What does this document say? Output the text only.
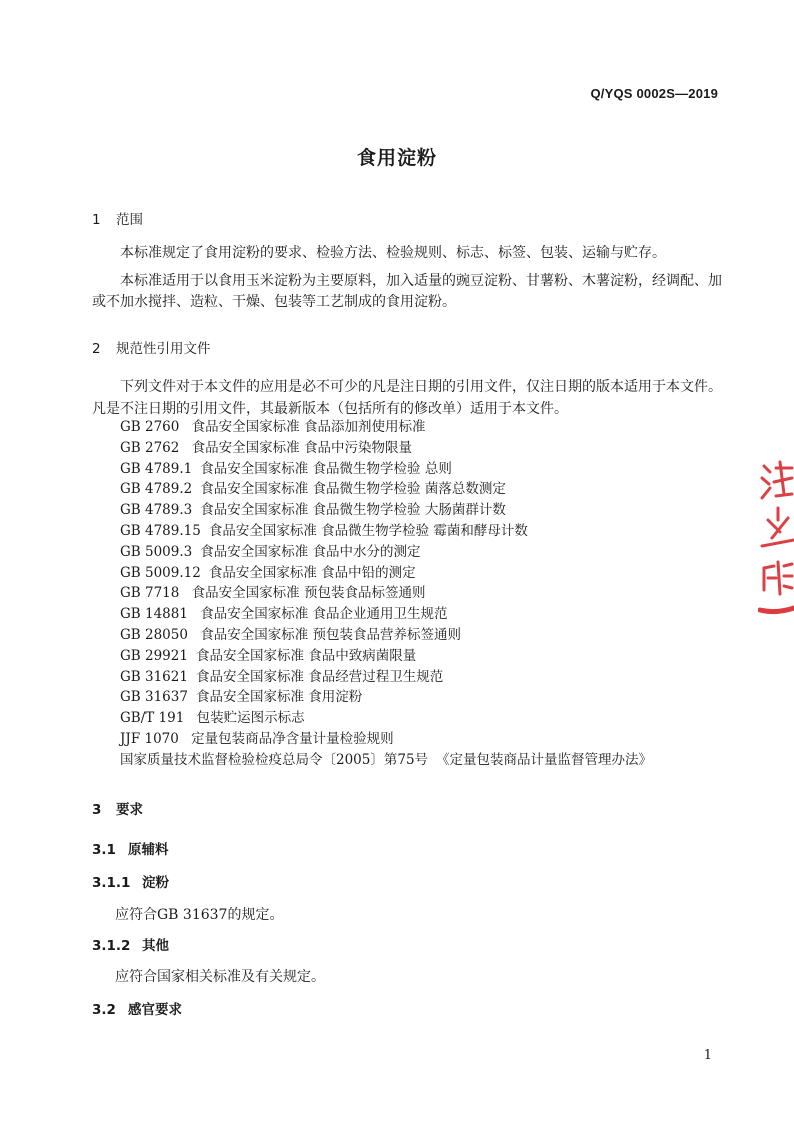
Q/YQS 0002S—2019
食用淀粉
1 范围
本标准规定了食用淀粉的要求、检验方法、检验规则、标志、标签、包装、运输与贮存。
本标准适用于以食用玉米淀粉为主要原料，加入适量的豌豆淀粉、甘薯粉、木薯淀粉，经调配、加或不加水搅拌、造粒、干燥、包装等工艺制成的食用淀粉。
2 规范性引用文件
下列文件对于本文件的应用是必不可少的凡是注日期的引用文件，仅注日期的版本适用于本文件。凡是不注日期的引用文件，其最新版本（包括所有的修改单）适用于本文件。
GB 2760 食品安全国家标准 食品添加剂使用标准
GB 2762 食品安全国家标准 食品中污染物限量
GB 4789.1 食品安全国家标准 食品微生物学检验 总则
GB 4789.2 食品安全国家标准 食品微生物学检验 菌落总数测定
GB 4789.3 食品安全国家标准 食品微生物学检验 大肠菌群计数
GB 4789.15 食品安全国家标准 食品微生物学检验 霉菌和酵母计数
GB 5009.3 食品安全国家标准 食品中水分的测定
GB 5009.12 食品安全国家标准 食品中铅的测定
GB 7718 食品安全国家标准 预包装食品标签通则
GB 14881 食品安全国家标准 食品企业通用卫生规范
GB 28050 食品安全国家标准 预包装食品营养标签通则
GB 29921 食品安全国家标准 食品中致病菌限量
GB 31621 食品安全国家标准 食品经营过程卫生规范
GB 31637 食品安全国家标准 食用淀粉
GB/T 191 包装贮运图示标志
JJF 1070 定量包装商品净含量计量检验规则
国家质量技术监督检验检疫总局令〔2005〕第75号 《定量包装商品计量监督管理办法》
3 要求
3.1 原辅料
3.1.1 淀粉
应符合GB 31637的规定。
3.1.2 其他
应符合国家相关标准及有关规定。
3.2 感官要求
1
